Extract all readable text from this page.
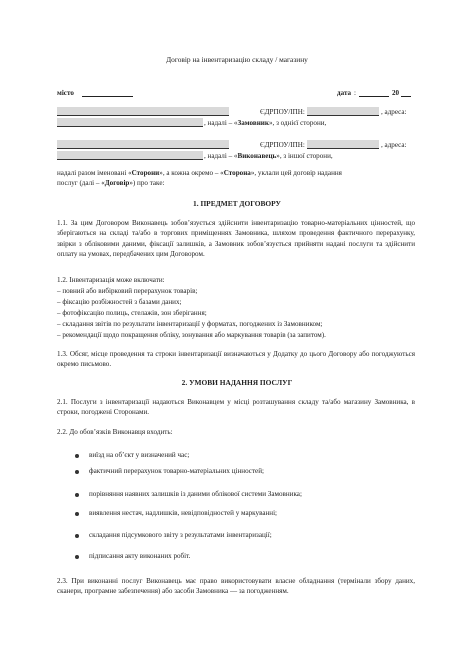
Договір на інвентаризацію складу / магазину
місто	дата :	20
ЄДРПОУ/ІПН:	, адреса:
, надалі – «Замовник», з однієї сторони,
ЄДРПОУ/ІПН:	, адреса:
, надалі – «Виконавець», з іншої сторони,
надалі разом іменовані «Сторони», а кожна окремо – «Сторона», уклали цей договір надання
послуг (далі – «Договір») про таке:
1. ПРЕДМЕТ ДОГОВОРУ
1.1. За цим Договором Виконавець зобов’язується здійснити інвентаризацію товарно-матеріальних цінностей, що зберігаються на складі та/або в торгових приміщеннях Замовника, шляхом проведення фактичного перерахунку, звірки з обліковими даними, фіксації залишків, а Замовник зобов’язується прийняти надані послуги та здійснити оплату на умовах, передбачених цим Договором.
1.2. Інвентаризація може включати:
– повний або вибірковий перерахунок товарів;
– фіксацію розбіжностей з базами даних;
– фотофіксацію полиць, стелажів, зон зберігання;
– складання звітів по результати інвентаризації у форматах, погоджених із Замовником;
– рекомендації щодо покращення обліку, зонування або маркування товарів (за запитом).
1.3. Обсяг, місце проведення та строки інвентаризації визначаються у Додатку до цього Договору або погоджуються окремо письмово.
2. УМОВИ НАДАННЯ ПОСЛУГ
2.1. Послуги з інвентаризації надаються Виконавцем у місці розташування складу та/або магазину Замовника, в строки, погоджені Сторонами.
2.2. До обов’язків Виконавця входить:
виїзд на об’єкт у визначений час;
фактичний перерахунок товарно-матеріальних цінностей;
порівняння наявних залишків із даними облікової системи Замовника;
виявлення нестач, надлишків, невідповідностей у маркуванні;
складання підсумкового звіту з результатами інвентаризації;
підписання акту виконаних робіт.
2.3. При виконанні послуг Виконавець має право використовувати власне обладнання (термінали збору даних, сканери, програмне забезпечення) або засоби Замовника — за погодженням.
